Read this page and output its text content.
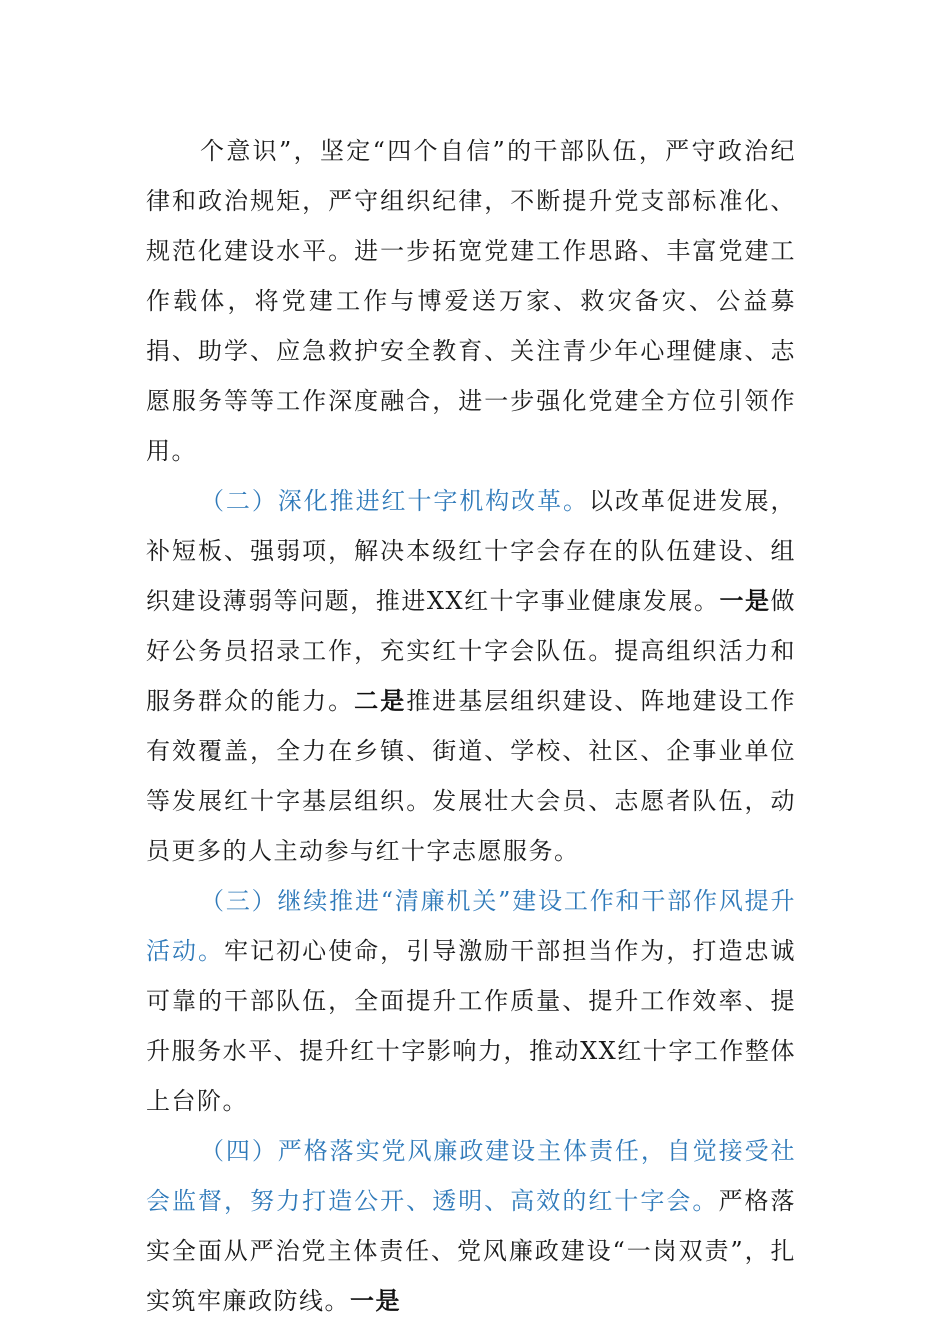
个意识”，坚定“四个自信”的干部队伍，严守政治纪律和政治规矩，严守组织纪律，不断提升党支部标准化、规范化建设水平。进一步拓宽党建工作思路、丰富党建工作载体，将党建工作与博爱送万家、救灾备灾、公益募捐、助学、应急救护安全教育、关注青少年心理健康、志愿服务等等工作深度融合，进一步强化党建全方位引领作用。

（二）深化推进红十字机构改革。以改革促进发展，补短板、强弱项，解决本级红十字会存在的队伍建设、组织建设薄弱等问题，推进XX红十字事业健康发展。一是做好公务员招录工作，充实红十字会队伍。提高组织活力和服务群众的能力。二是推进基层组织建设、阵地建设工作有效覆盖，全力在乡镇、街道、学校、社区、企事业单位等发展红十字基层组织。发展壮大会员、志愿者队伍，动员更多的人主动参与红十字志愿服务。

（三）继续推进“清廉机关”建设工作和干部作风提升活动。牢记初心使命，引导激励干部担当作为，打造忠诚可靠的干部队伍，全面提升工作质量、提升工作效率、提升服务水平、提升红十字影响力，推动XX红十字工作整体上台阶。

（四）严格落实党风廉政建设主体责任，自觉接受社会监督，努力打造公开、透明、高效的红十字会。严格落实全面从严治党主体责任、党风廉政建设“一岗双责”，扎实筑牢廉政防线。一是
